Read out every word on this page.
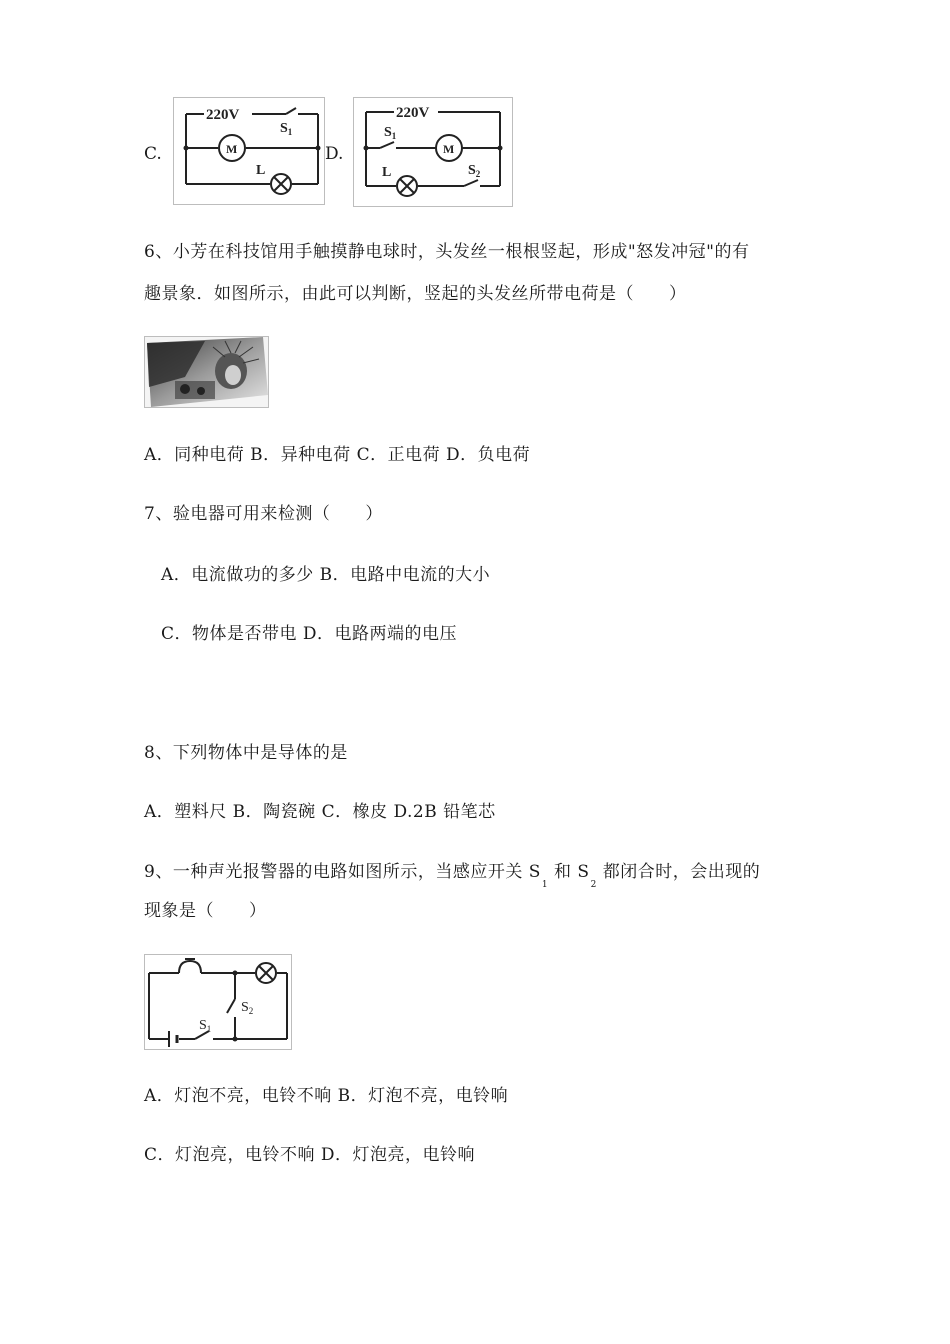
C.
220V
$S_1$
M
L
D.
220V
$S_1$
M
L	$S_2$
6、小芳在科技馆用手触摸静电球时，头发丝一根根竖起，形成"怒发冲冠"的有
趣景象．如图所示，由此可以判断，竖起的头发丝所带电荷是（　　）
A．同种电荷 B．异种电荷 C．正电荷 D．负电荷
7、验电器可用来检测（　　）
A．电流做功的多少 B．电路中电流的大小
C．物体是否带电 D．电路两端的电压
8、下列物体中是导体的是
A．塑料尺 B．陶瓷碗 C．橡皮 D.2B 铅笔芯
9、一种声光报警器的电路如图所示，当感应开关 $S_1$ 和 $S_2$ 都闭合时，会出现的
现象是（　　）
$S_2$
$S_1$
A．灯泡不亮，电铃不响 B．灯泡不亮，电铃响
C．灯泡亮，电铃不响 D．灯泡亮，电铃响
